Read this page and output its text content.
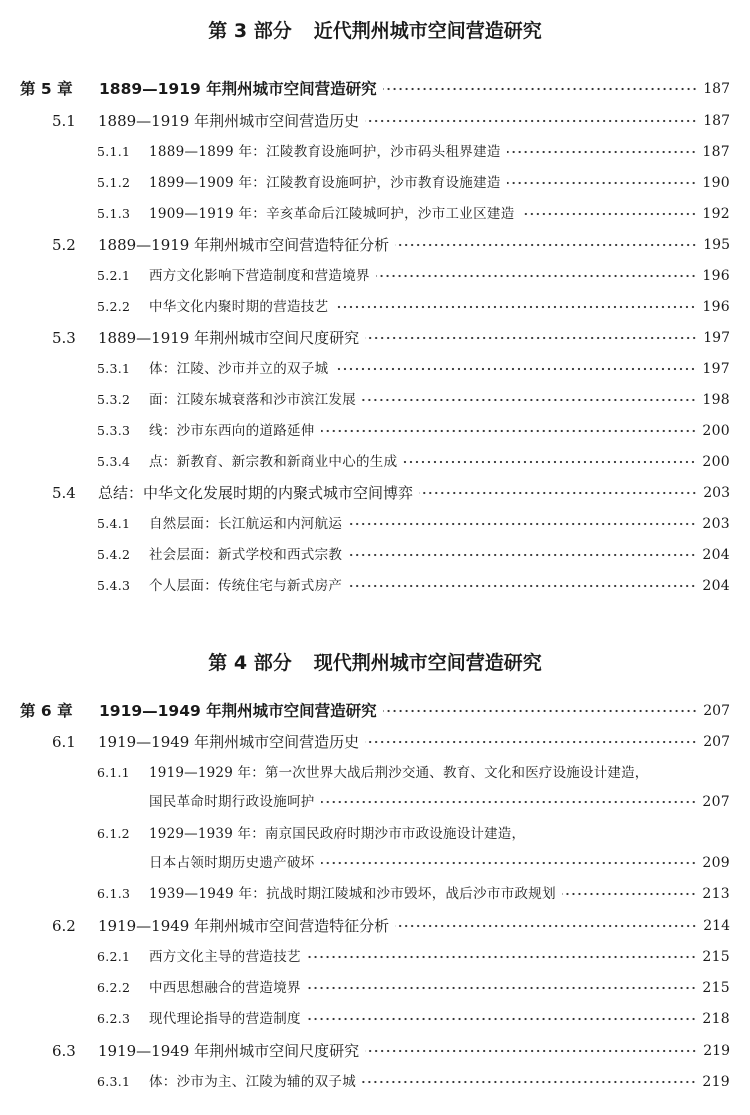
第 3 部分 近代荆州城市空间营造研究
第 5 章	1889—1919 年荆州城市空间营造研究	187
5.1	1889—1919 年荆州城市空间营造历史	187
5.1.1	1889—1899 年：江陵教育设施呵护，沙市码头租界建造	187
5.1.2	1899—1909 年：江陵教育设施呵护，沙市教育设施建造	190
5.1.3	1909—1919 年：辛亥革命后江陵城呵护，沙市工业区建造	192
5.2	1889—1919 年荆州城市空间营造特征分析	195
5.2.1	西方文化影响下营造制度和营造境界	196
5.2.2	中华文化内聚时期的营造技艺	196
5.3	1889—1919 年荆州城市空间尺度研究	197
5.3.1	体：江陵、沙市并立的双子城	197
5.3.2	面：江陵东城衰落和沙市滨江发展	198
5.3.3	线：沙市东西向的道路延伸	200
5.3.4	点：新教育、新宗教和新商业中心的生成	200
5.4	总结：中华文化发展时期的内聚式城市空间博弈	203
5.4.1	自然层面：长江航运和内河航运	203
5.4.2	社会层面：新式学校和西式宗教	204
5.4.3	个人层面：传统住宅与新式房产	204
第 4 部分 现代荆州城市空间营造研究
第 6 章	1919—1949 年荆州城市空间营造研究	207
6.1	1919—1949 年荆州城市空间营造历史	207
6.1.1	1919—1929 年：第一次世界大战后荆沙交通、教育、文化和医疗设施设计建造，
国民革命时期行政设施呵护	207
6.1.2	1929—1939 年：南京国民政府时期沙市市政设施设计建造，
日本占领时期历史遗产破坏	209
6.1.3	1939—1949 年：抗战时期江陵城和沙市毁坏，战后沙市市政规划	213
6.2	1919—1949 年荆州城市空间营造特征分析	214
6.2.1	西方文化主导的营造技艺	215
6.2.2	中西思想融合的营造境界	215
6.2.3	现代理论指导的营造制度	218
6.3	1919—1949 年荆州城市空间尺度研究	219
6.3.1	体：沙市为主、江陵为辅的双子城	219
